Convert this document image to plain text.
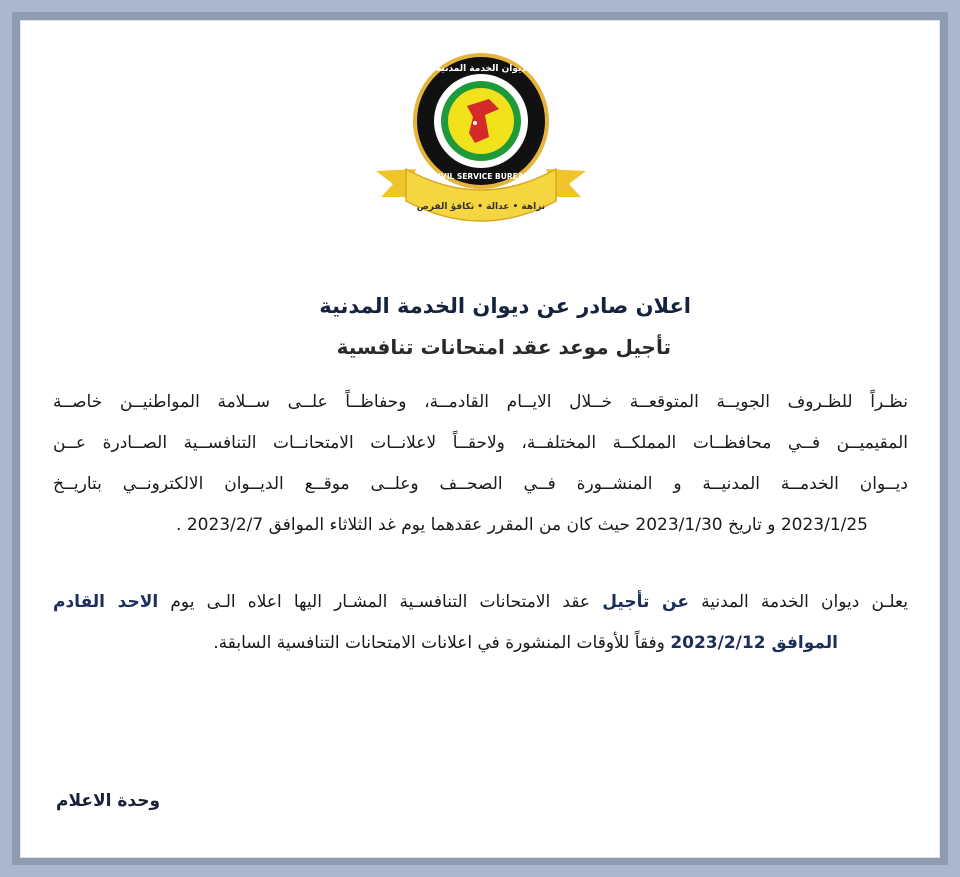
ديوان الخدمة المدنية
CIVIL SERVICE BUREAU
نزاهة • عدالة • تكافؤ الفرص
اعلان صادر عن ديوان الخدمة المدنية
تأجيل موعد عقد امتحانات تنافسية
نظـراً للظـروف الجويــة المتوقعــة خــلال الايــام القادمــة، وحفاظــاً علــى ســلامة المواطنيــن خاصــة
المقيميــن فــي محافظــات المملكــة المختلفــة، ولاحقــاً لاعلانــات الامتحانــات التنافســية الصــادرة عــن
ديــوان الخدمــة المدنيــة و المنشــورة فــي الصحــف وعلــى موقــع الديــوان الالكترونــي بتاريــخ
2023/1/25 و تاريخ 2023/1/30 حيث كان من المقرر عقدهما يوم غد الثلاثاء الموافق 2023/2/7 .
يعلـن ديوان الخدمة المدنية عن تأجيل عقد الامتحانات التنافسـية المشـار اليها اعلاه الـى يوم الاحد القادم
الموافق 2023/2/12 وفقاً للأوقات المنشورة في اعلانات الامتحانات التنافسية السابقة.
وحدة الاعلام
